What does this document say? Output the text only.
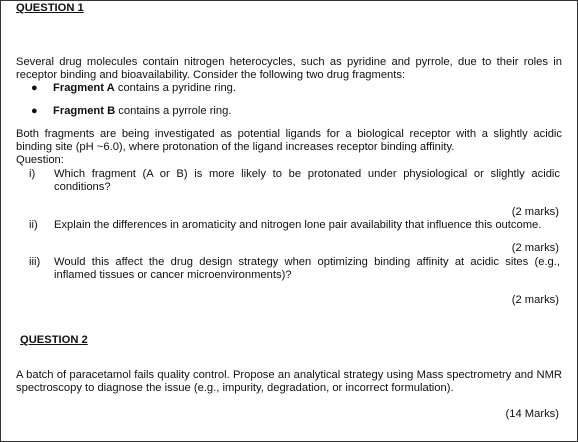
QUESTION 1
Several drug molecules contain nitrogen heterocycles, such as pyridine and pyrrole, due to their roles in receptor binding and bioavailability. Consider the following two drug fragments:
● Fragment A contains a pyridine ring.
● Fragment B contains a pyrrole ring.
Both fragments are being investigated as potential ligands for a biological receptor with a slightly acidic binding site (pH ~6.0), where protonation of the ligand increases receptor binding affinity.
Question:
i) Which fragment (A or B) is more likely to be protonated under physiological or slightly acidic conditions?
(2 marks)
ii) Explain the differences in aromaticity and nitrogen lone pair availability that influence this outcome.
(2 marks)
iii) Would this affect the drug design strategy when optimizing binding affinity at acidic sites (e.g., inflamed tissues or cancer microenvironments)?
(2 marks)
QUESTION 2
A batch of paracetamol fails quality control. Propose an analytical strategy using Mass spectrometry and NMR spectroscopy to diagnose the issue (e.g., impurity, degradation, or incorrect formulation).
(14 Marks)
